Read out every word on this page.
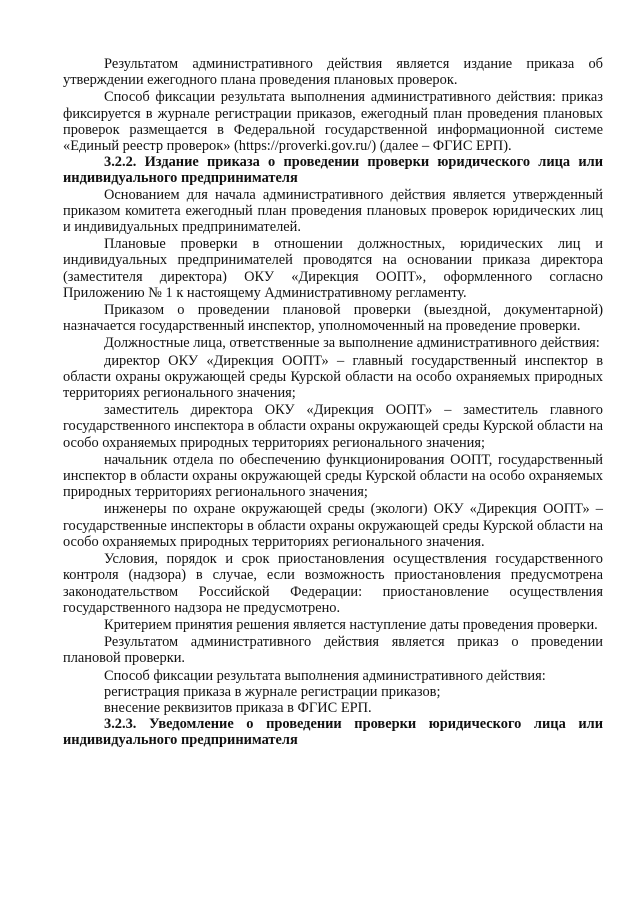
Результатом административного действия является издание приказа об утверждении ежегодного плана проведения плановых проверок.

Способ фиксации результата выполнения административного действия: приказ фиксируется в журнале регистрации приказов, ежегодный план проведения плановых проверок размещается в Федеральной государственной информационной системе «Единый реестр проверок» (https://proverki.gov.ru/) (далее – ФГИС ЕРП).

3.2.2. Издание приказа о проведении проверки юридического лица или индивидуального предпринимателя

Основанием для начала административного действия является утвержденный приказом комитета ежегодный план проведения плановых проверок юридических лиц и индивидуальных предпринимателей.

Плановые проверки в отношении должностных, юридических лиц и индивидуальных предпринимателей проводятся на основании приказа директора (заместителя директора) ОКУ «Дирекция ООПТ», оформленного согласно Приложению № 1 к настоящему Административному регламенту.

Приказом о проведении плановой проверки (выездной, документарной) назначается государственный инспектор, уполномоченный на проведение проверки.

Должностные лица, ответственные за выполнение административного действия:

директор ОКУ «Дирекция ООПТ» – главный государственный инспектор в области охраны окружающей среды Курской области на особо охраняемых природных территориях регионального значения;

заместитель директора ОКУ «Дирекция ООПТ» – заместитель главного государственного инспектора в области охраны окружающей среды Курской области на особо охраняемых природных территориях регионального значения;

начальник отдела по обеспечению функционирования ООПТ, государственный инспектор в области охраны окружающей среды Курской области на особо охраняемых природных территориях регионального значения;

инженеры по охране окружающей среды (экологи) ОКУ «Дирекция ООПТ» – государственные инспекторы в области охраны окружающей среды Курской области на особо охраняемых природных территориях регионального значения.

Условия, порядок и срок приостановления осуществления государственного контроля (надзора) в случае, если возможность приостановления предусмотрена законодательством Российской Федерации: приостановление осуществления государственного надзора не предусмотрено.

Критерием принятия решения является наступление даты проведения проверки.

Результатом административного действия является приказ о проведении плановой проверки.

Способ фиксации результата выполнения административного действия:

регистрация приказа в журнале регистрации приказов;

внесение реквизитов приказа в ФГИС ЕРП.

3.2.3. Уведомление о проведении проверки юридического лица или индивидуального предпринимателя
